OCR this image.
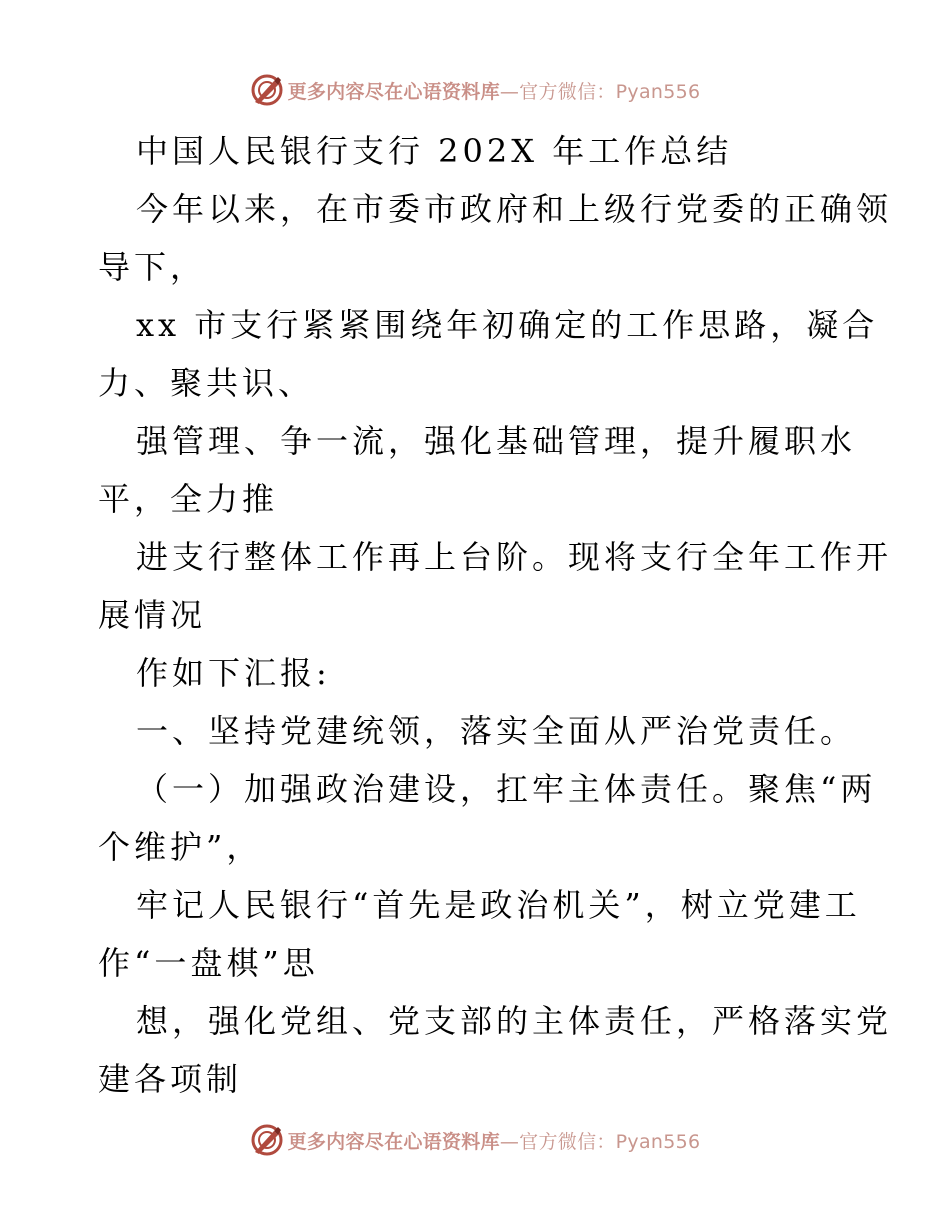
更多内容尽在心语资料库—官方微信：Pyan556
中国人民银行支行 202X 年工作总结
今年以来，在市委市政府和上级行党委的正确领
导下，
xx 市支行紧紧围绕年初确定的工作思路，凝合
力、聚共识、
强管理、争一流，强化基础管理，提升履职水
平，全力推
进支行整体工作再上台阶。现将支行全年工作开
展情况
作如下汇报:
一、坚持党建统领，落实全面从严治党责任。
（一）加强政治建设，扛牢主体责任。聚焦“两
个维护”，
牢记人民银行“首先是政治机关”，树立党建工
作“一盘棋”思
想，强化党组、党支部的主体责任，严格落实党
建各项制
更多内容尽在心语资料库—官方微信：Pyan556
